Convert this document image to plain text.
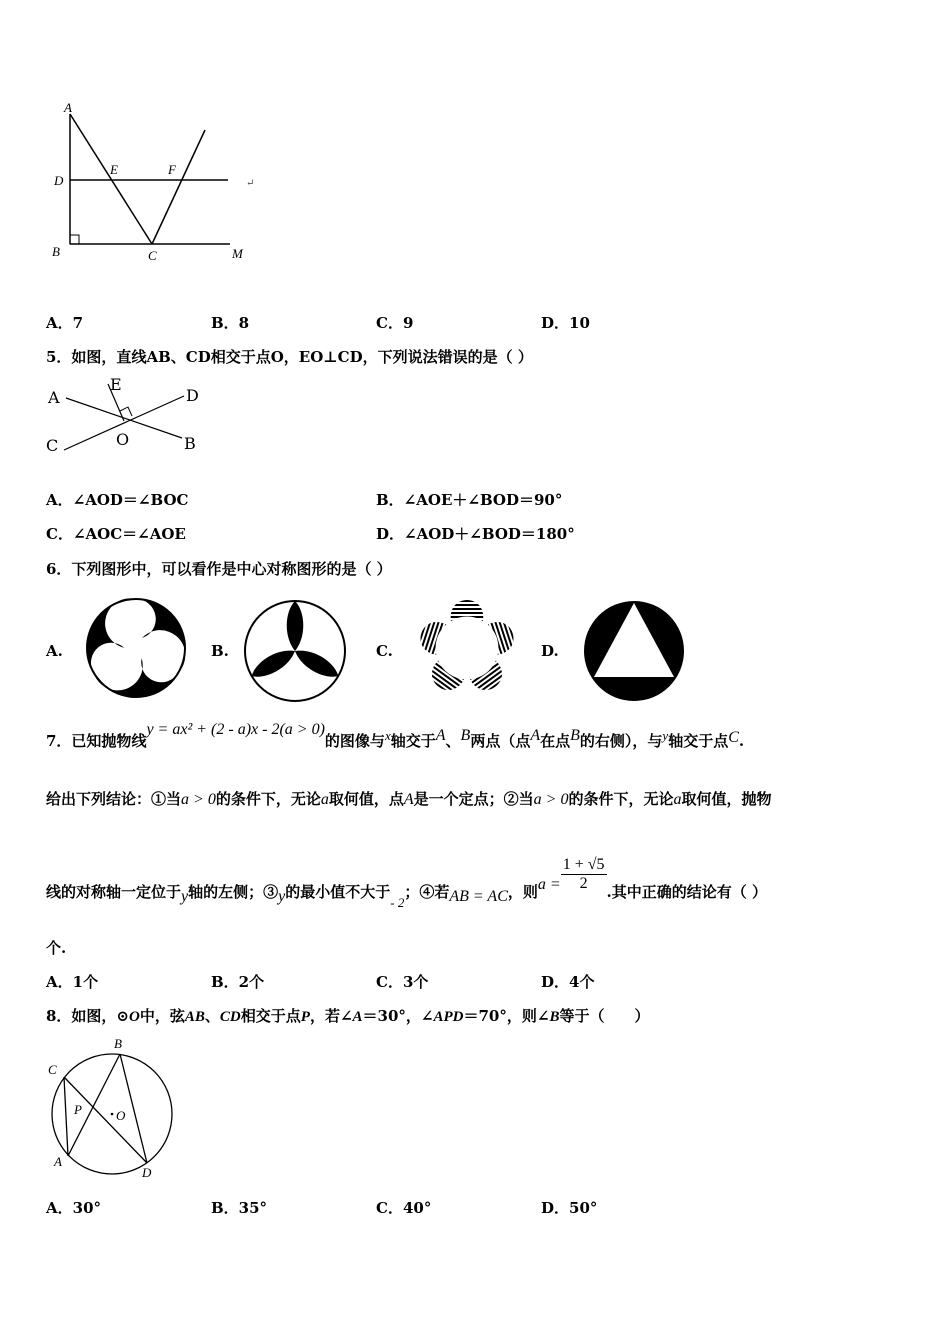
A
D
B
E	F
C	M
↵
A．7	B．8	C．9	D．10
5．如图，直线AB、CD相交于点O，EO⊥CD，下列说法错误的是（ ）
A
E
D
C	O	B
A．∠AOD＝∠BOC	B．∠AOE＋∠BOD＝90°
C．∠AOC＝∠AOE	D．∠AOD＋∠BOD＝180°
6．下列图形中，可以看作是中心对称图形的是（ ）
A.	B.	C.	D.
7．已知抛物线y = ax² + (2 - a)x - 2(a > 0)的图像与x轴交于A、B两点（点A在点B的右侧），与y轴交于点C.
给出下列结论：①当a > 0的条件下，无论a取何值，点A是一个定点；②当a > 0的条件下，无论a取何值，抛物
线的对称轴一定位于y轴的左侧；③y的最小值不大于- 2；④若AB = AC，则$a = \frac{1 + √5}{2}$ .其中正确的结论有（ ）
个.
A．1个	B．2个	C．3个	D．4个
8．如图，⊙O中，弦AB、CD相交于点P，若∠A＝30°，∠APD＝70°，则∠B等于（　　）
C
B
P	O
A
D
A．30°	B．35°	C．40°	D．50°
